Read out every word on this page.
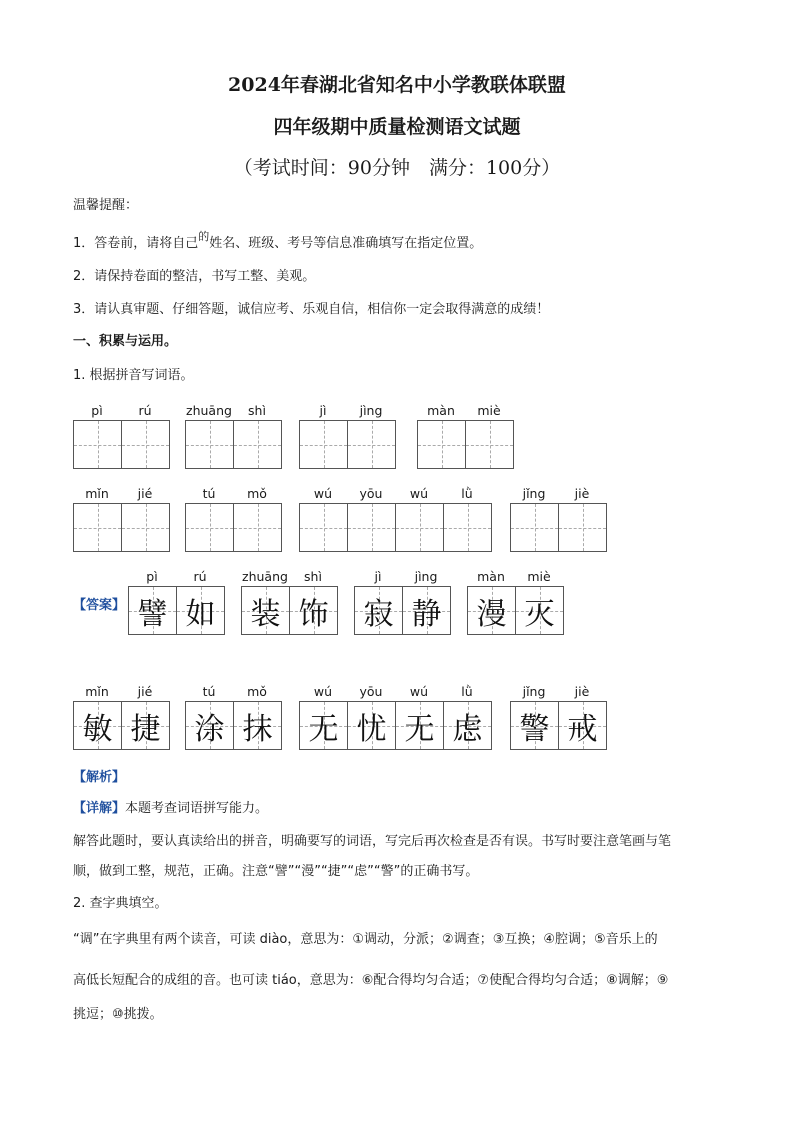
2024年春湖北省知名中小学教联体联盟
四年级期中质量检测语文试题
（考试时间：90分钟　满分：100分）
温馨提醒：
1．答卷前，请将自己$^的$姓名、班级、考号等信息准确填写在指定位置。
2．请保持卷面的整洁，书写工整、美观。
3．请认真审题、仔细答题，诚信应考、乐观自信，相信你一定会取得满意的成绩！
一、积累与运用。
1. 根据拼音写词语。
pì	rú	zhuāng	shì	jì	jìng	màn	miè
mǐn	jié	tú	mǒ	wú	yōu	wú	lǜ	jǐng	jiè
【答案】
pì	rú
譬 如
zhuāng	shì
装 饰
jì	jìng
寂 静
màn	miè
漫 灭
mǐn	jié
敏 捷
tú	mǒ
涂 抹
wú	yōu	wú	lǜ
无 忧 无 虑
jǐng	jiè
警 戒
【解析】
【详解】本题考查词语拼写能力。
解答此题时，要认真读给出的拼音，明确要写的词语，写完后再次检查是否有误。书写时要注意笔画与笔
顺，做到工整，规范，正确。注意“譬”“漫”“捷”“虑”“警”的正确书写。
2. 查字典填空。
“调”在字典里有两个读音，可读 diào，意思为：①调动，分派；②调查；③互换；④腔调；⑤音乐上的
高低长短配合的成组的音。也可读 tiáo，意思为：⑥配合得均匀合适；⑦使配合得均匀合适；⑧调解；⑨
挑逗；⑩挑拨。
